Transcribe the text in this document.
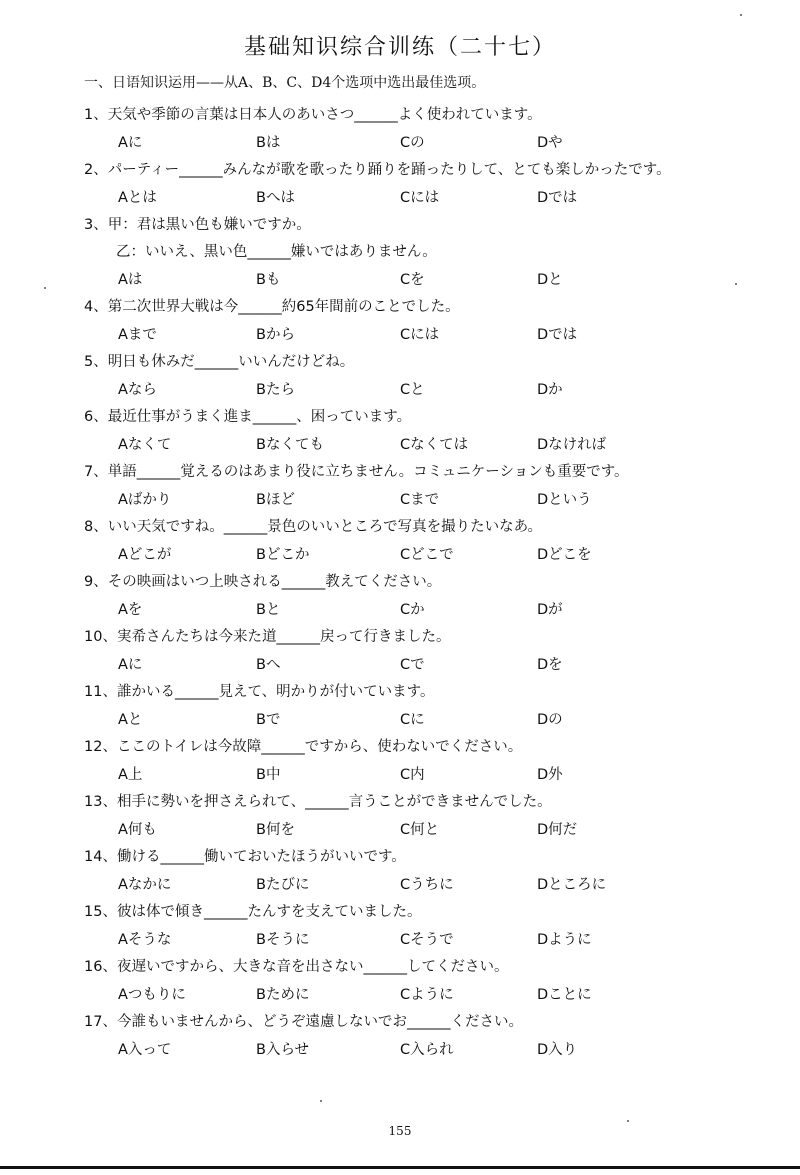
基础知识综合训练（二十七）
一、日语知识运用——从A、B、C、D4个选项中选出最佳选项。
1、天気や季節の言葉は日本人のあいさつ______よく使われています。
Aに	Bは	Cの	Dや
2、パーティー______みんなが歌を歌ったり踊りを踊ったりして、とても楽しかったです。
Aとは	Bへは	Cには	Dでは
3、甲：君は黒い色も嫌いですか。
乙：いいえ、黒い色______嫌いではありません。
Aは	Bも	Cを	Dと
4、第二次世界大戦は今______約65年間前のことでした。
Aまで	Bから	Cには	Dでは
5、明日も休みだ______いいんだけどね。
Aなら	Bたら	Cと	Dか
6、最近仕事がうまく進ま______、困っています。
Aなくて	Bなくても	Cなくては	Dなければ
7、単語______覚えるのはあまり役に立ちません。コミュニケーションも重要です。
Aばかり	Bほど	Cまで	Dという
8、いい天気ですね。______景色のいいところで写真を撮りたいなあ。
Aどこが	Bどこか	Cどこで	Dどこを
9、その映画はいつ上映される______教えてください。
Aを	Bと	Cか	Dが
10、実希さんたちは今来た道______戻って行きました。
Aに	Bへ	Cで	Dを
11、誰かいる______見えて、明かりが付いています。
Aと	Bで	Cに	Dの
12、ここのトイレは今故障______ですから、使わないでください。
A上	B中	C内	D外
13、相手に勢いを押さえられて、______言うことができませんでした。
A何も	B何を	C何と	D何だ
14、働ける______働いておいたほうがいいです。
Aなかに	Bたびに	Cうちに	Dところに
15、彼は体で傾き______たんすを支えていました。
Aそうな	Bそうに	Cそうで	Dように
16、夜遅いですから、大きな音を出さない______してください。
Aつもりに	Bために	Cように	Dことに
17、今誰もいませんから、どうぞ遠慮しないでお______ください。
A入って	B入らせ	C入られ	D入り
155
